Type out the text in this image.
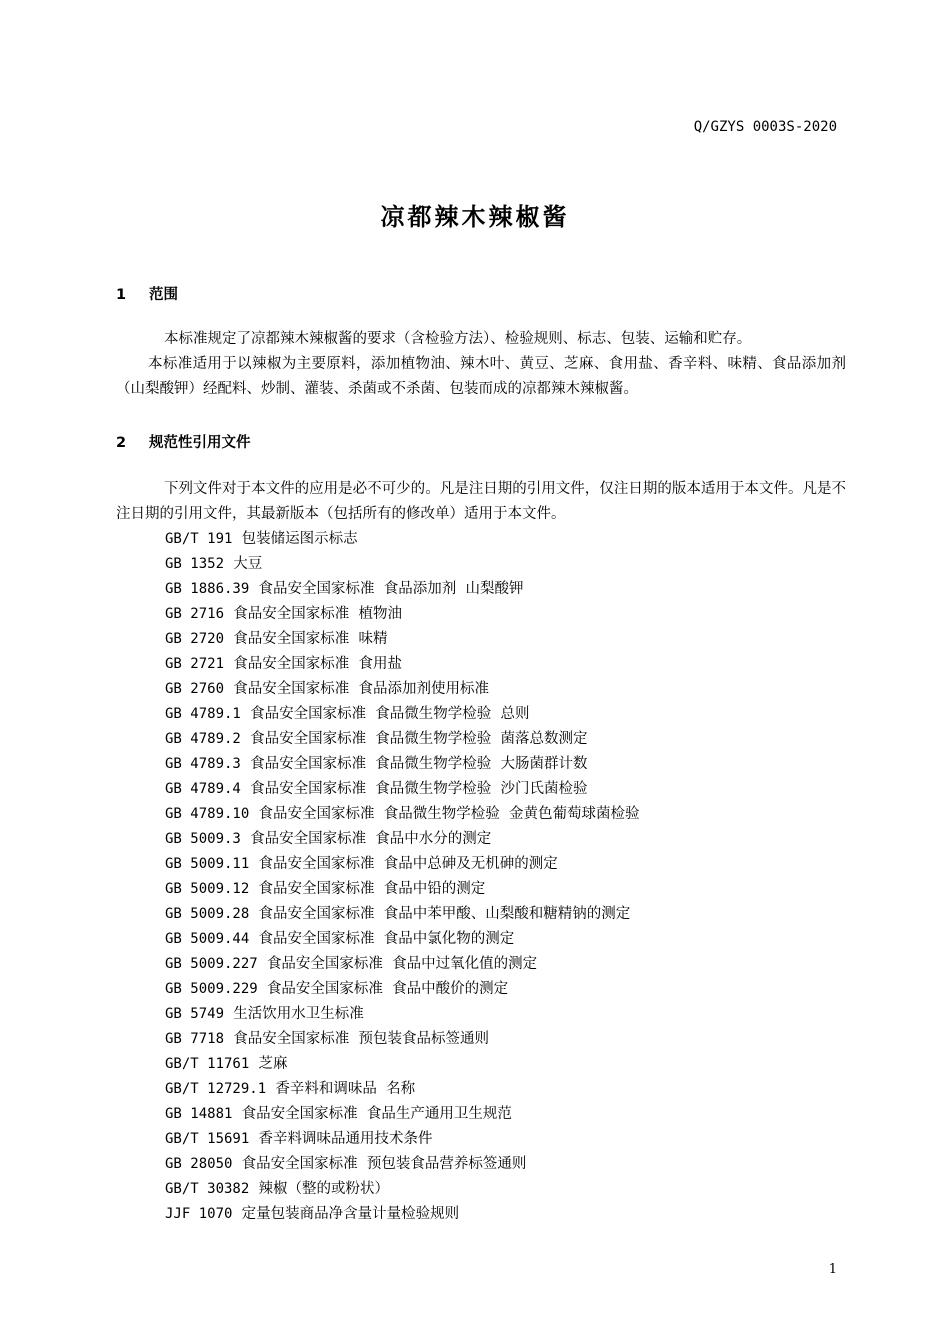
Q/GZYS 0003S-2020
凉都辣木辣椒酱
1 范围

本标准规定了凉都辣木辣椒酱的要求（含检验方法）、检验规则、标志、包装、运输和贮存。

本标准适用于以辣椒为主要原料，添加植物油、辣木叶、黄豆、芝麻、食用盐、香辛料、味精、食品添加剂（山梨酸钾）经配料、炒制、灌装、杀菌或不杀菌、包装而成的凉都辣木辣椒酱。

2 规范性引用文件

下列文件对于本文件的应用是必不可少的。凡是注日期的引用文件，仅注日期的版本适用于本文件。凡是不注日期的引用文件，其最新版本（包括所有的修改单）适用于本文件。

GB/T 191 包装储运图示标志
GB 1352 大豆
GB 1886.39 食品安全国家标准  食品添加剂  山梨酸钾
GB 2716 食品安全国家标准  植物油
GB 2720 食品安全国家标准  味精
GB 2721 食品安全国家标准  食用盐
GB 2760 食品安全国家标准  食品添加剂使用标准
GB 4789.1 食品安全国家标准  食品微生物学检验  总则
GB 4789.2 食品安全国家标准  食品微生物学检验  菌落总数测定
GB 4789.3 食品安全国家标准  食品微生物学检验  大肠菌群计数
GB 4789.4 食品安全国家标准  食品微生物学检验  沙门氏菌检验
GB 4789.10 食品安全国家标准  食品微生物学检验  金黄色葡萄球菌检验
GB 5009.3 食品安全国家标准  食品中水分的测定
GB 5009.11 食品安全国家标准  食品中总砷及无机砷的测定
GB 5009.12 食品安全国家标准  食品中铅的测定
GB 5009.28 食品安全国家标准  食品中苯甲酸、山梨酸和糖精钠的测定
GB 5009.44 食品安全国家标准  食品中氯化物的测定
GB 5009.227 食品安全国家标准  食品中过氧化值的测定
GB 5009.229 食品安全国家标准  食品中酸价的测定
GB 5749 生活饮用水卫生标准
GB 7718 食品安全国家标准  预包装食品标签通则
GB/T 11761 芝麻
GB/T 12729.1 香辛料和调味品  名称
GB 14881 食品安全国家标准  食品生产通用卫生规范
GB/T 15691 香辛料调味品通用技术条件
GB 28050 食品安全国家标准  预包装食品营养标签通则
GB/T 30382 辣椒（整的或粉状）
JJF 1070 定量包装商品净含量计量检验规则
1
